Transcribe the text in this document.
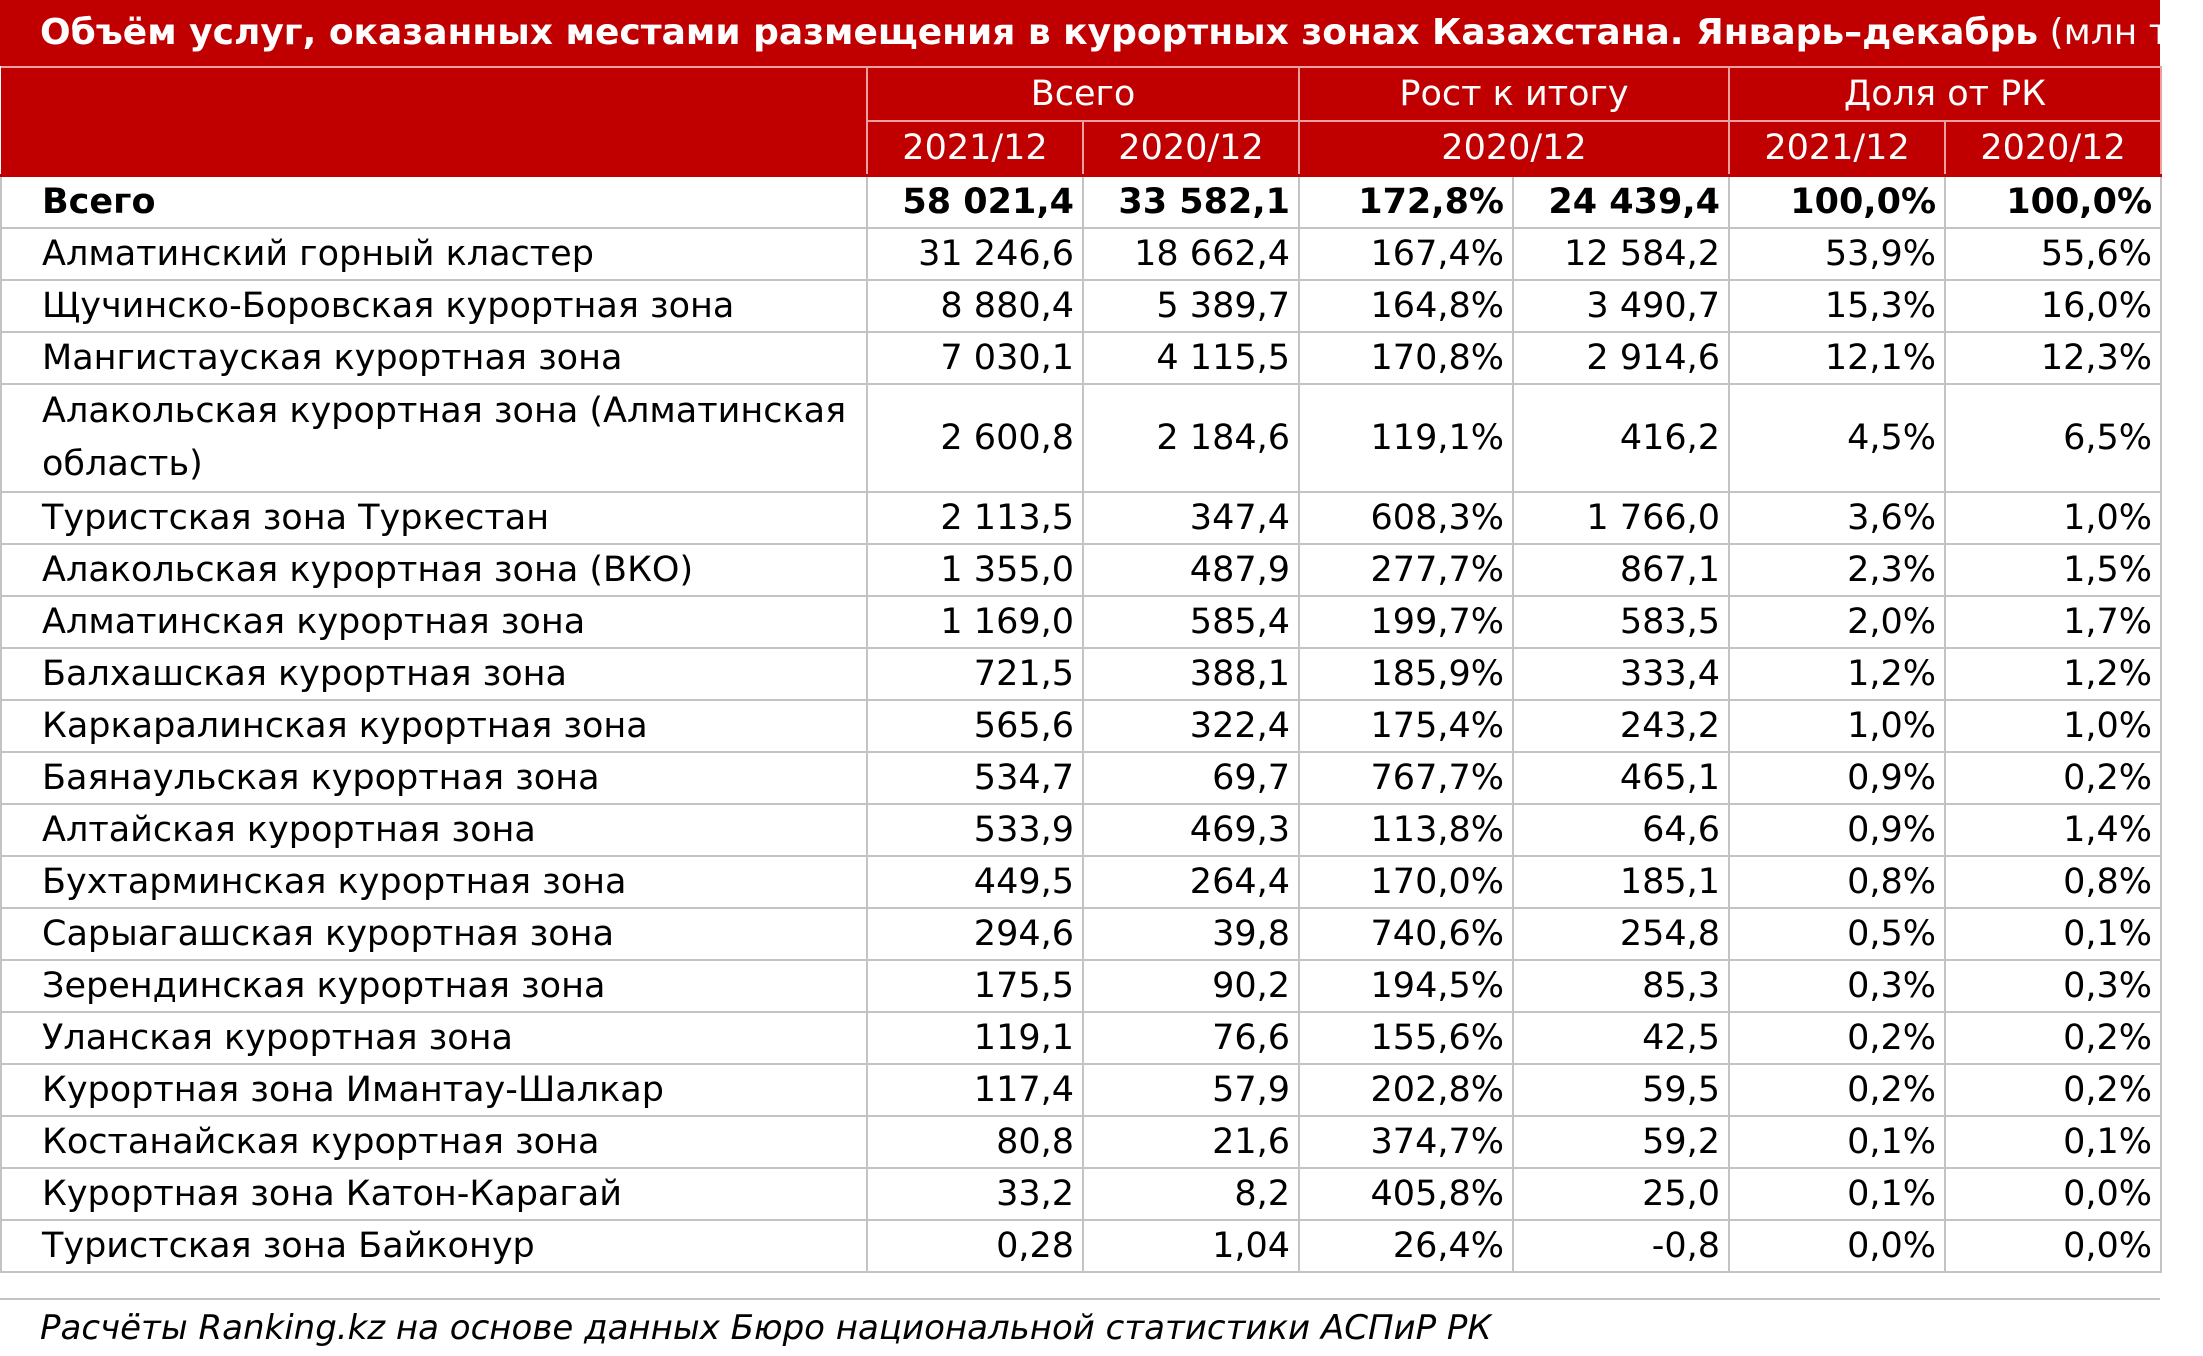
Объём услуг, оказанных местами размещения в курортных зонах Казахстана. Январь–декабрь (млн тг)
	Всего		Рост к итогу		Доля от РК	
	2021/12	2020/12	2020/12		2021/12	2020/12
Всего	58 021,4	33 582,1	172,8%	24 439,4	100,0%	100,0%
Алматинский горный кластер	31 246,6	18 662,4	167,4%	12 584,2	53,9%	55,6%
Щучинско-Боровская курортная зона	8 880,4	5 389,7	164,8%	3 490,7	15,3%	16,0%
Мангистауская курортная зона	7 030,1	4 115,5	170,8%	2 914,6	12,1%	12,3%
Алакольская курортная зона (Алматинская область)	2 600,8	2 184,6	119,1%	416,2	4,5%	6,5%
Туристская зона Туркестан	2 113,5	347,4	608,3%	1 766,0	3,6%	1,0%
Алакольская курортная зона (ВКО)	1 355,0	487,9	277,7%	867,1	2,3%	1,5%
Алматинская курортная зона	1 169,0	585,4	199,7%	583,5	2,0%	1,7%
Балхашская курортная зона	721,5	388,1	185,9%	333,4	1,2%	1,2%
Каркаралинская курортная зона	565,6	322,4	175,4%	243,2	1,0%	1,0%
Баянаульская курортная зона	534,7	69,7	767,7%	465,1	0,9%	0,2%
Алтайская курортная зона	533,9	469,3	113,8%	64,6	0,9%	1,4%
Бухтарминская курортная зона	449,5	264,4	170,0%	185,1	0,8%	0,8%
Сарыагашская курортная зона	294,6	39,8	740,6%	254,8	0,5%	0,1%
Зерендинская курортная зона	175,5	90,2	194,5%	85,3	0,3%	0,3%
Уланская курортная зона	119,1	76,6	155,6%	42,5	0,2%	0,2%
Курортная зона Имантау-Шалкар	117,4	57,9	202,8%	59,5	0,2%	0,2%
Костанайская курортная зона	80,8	21,6	374,7%	59,2	0,1%	0,1%
Курортная зона Катон-Карагай	33,2	8,2	405,8%	25,0	0,1%	0,0%
Туристская зона Байконур	0,28	1,04	26,4%	-0,8	0,0%	0,0%
Расчёты Ranking.kz на основе данных Бюро национальной статистики АСПиР РК
